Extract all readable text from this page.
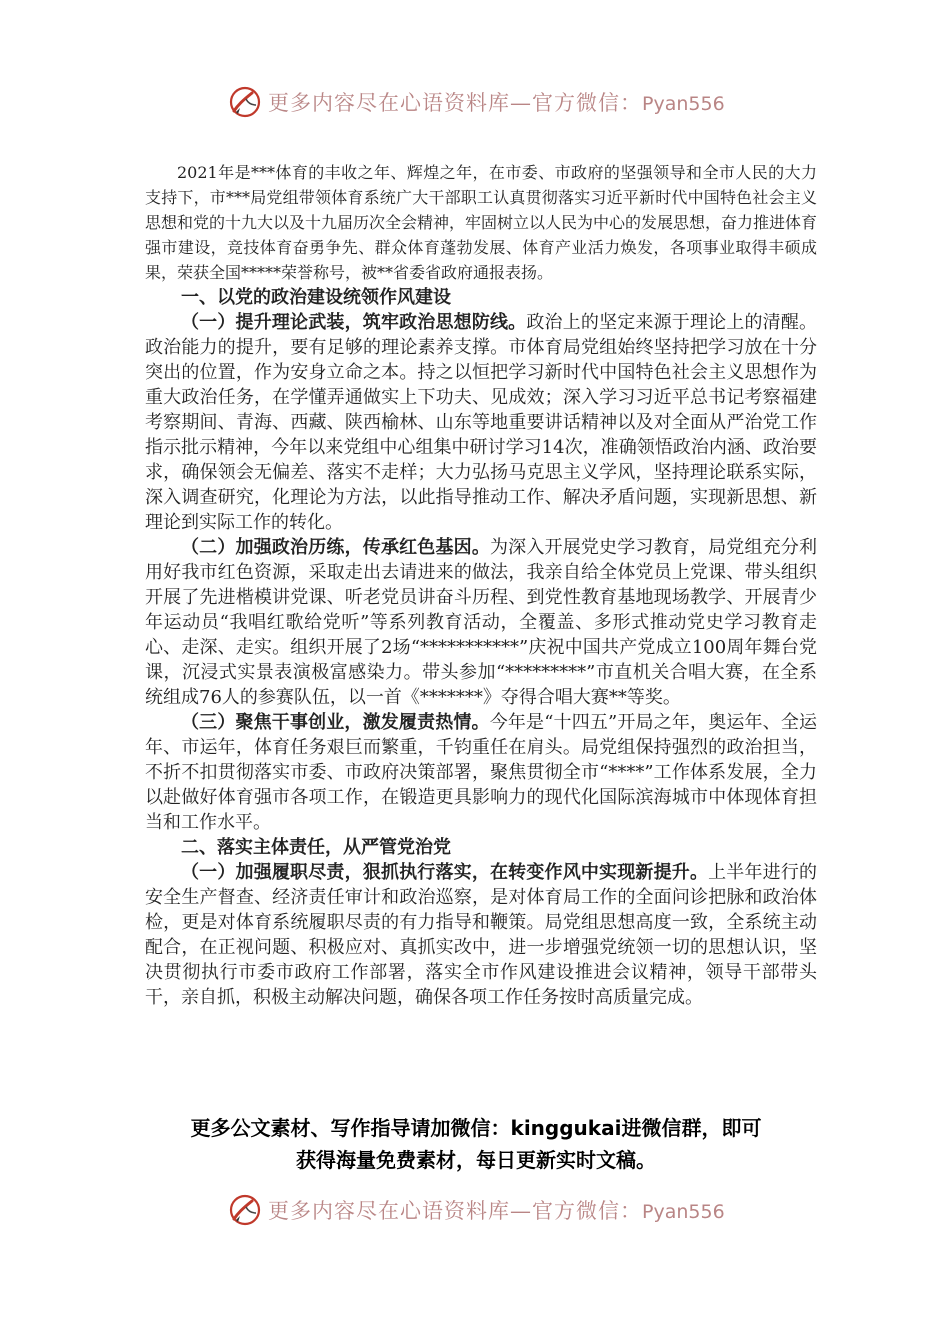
更多内容尽在心语资料库—官方微信：Pyan556

2021年是***体育的丰收之年、辉煌之年，在市委、市政府的坚强领导和全市人民的大力支持下，市***局党组带领体育系统广大干部职工认真贯彻落实习近平新时代中国特色社会主义思想和党的十九大以及十九届历次全会精神，牢固树立以人民为中心的发展思想，奋力推进体育强市建设，竞技体育奋勇争先、群众体育蓬勃发展、体育产业活力焕发，各项事业取得丰硕成果，荣获全国*****荣誉称号，被**省委省政府通报表扬。

一、以党的政治建设统领作风建设

（一）提升理论武装，筑牢政治思想防线。政治上的坚定来源于理论上的清醒。政治能力的提升，要有足够的理论素养支撑。市体育局党组始终坚持把学习放在十分突出的位置，作为安身立命之本。持之以恒把学习新时代中国特色社会主义思想作为重大政治任务，在学懂弄通做实上下功夫、见成效；深入学习习近平总书记考察福建考察期间、青海、西藏、陕西榆林、山东等地重要讲话精神以及对全面从严治党工作指示批示精神，今年以来党组中心组集中研讨学习14次，准确领悟政治内涵、政治要求，确保领会无偏差、落实不走样；大力弘扬马克思主义学风，坚持理论联系实际，深入调查研究，化理论为方法，以此指导推动工作、解决矛盾问题，实现新思想、新理论到实际工作的转化。

（二）加强政治历练，传承红色基因。为深入开展党史学习教育，局党组充分利用好我市红色资源，采取走出去请进来的做法，我亲自给全体党员上党课、带头组织开展了先进楷模讲党课、听老党员讲奋斗历程、到党性教育基地现场教学、开展青少年运动员“我唱红歌给党听”等系列教育活动，全覆盖、多形式推动党史学习教育走心、走深、走实。组织开展了2场“***********”庆祝中国共产党成立100周年舞台党课，沉浸式实景表演极富感染力。带头参加“*********”市直机关合唱大赛，在全系统组成76人的参赛队伍，以一首《*******》夺得合唱大赛**等奖。

（三）聚焦干事创业，激发履责热情。今年是“十四五”开局之年，奥运年、全运年、市运年，体育任务艰巨而繁重，千钧重任在肩头。局党组保持强烈的政治担当，不折不扣贯彻落实市委、市政府决策部署，聚焦贯彻全市“****”工作体系发展，全力以赴做好体育强市各项工作，在锻造更具影响力的现代化国际滨海城市中体现体育担当和工作水平。

二、落实主体责任，从严管党治党

（一）加强履职尽责，狠抓执行落实，在转变作风中实现新提升。上半年进行的安全生产督查、经济责任审计和政治巡察，是对体育局工作的全面问诊把脉和政治体检，更是对体育系统履职尽责的有力指导和鞭策。局党组思想高度一致，全系统主动配合，在正视问题、积极应对、真抓实改中，进一步增强党统领一切的思想认识，坚决贯彻执行市委市政府工作部署，落实全市作风建设推进会议精神，领导干部带头干，亲自抓，积极主动解决问题，确保各项工作任务按时高质量完成。

更多公文素材、写作指导请加微信：kinggukai进微信群，即可
获得海量免费素材，每日更新实时文稿。
更多内容尽在心语资料库—官方微信：Pyan556
